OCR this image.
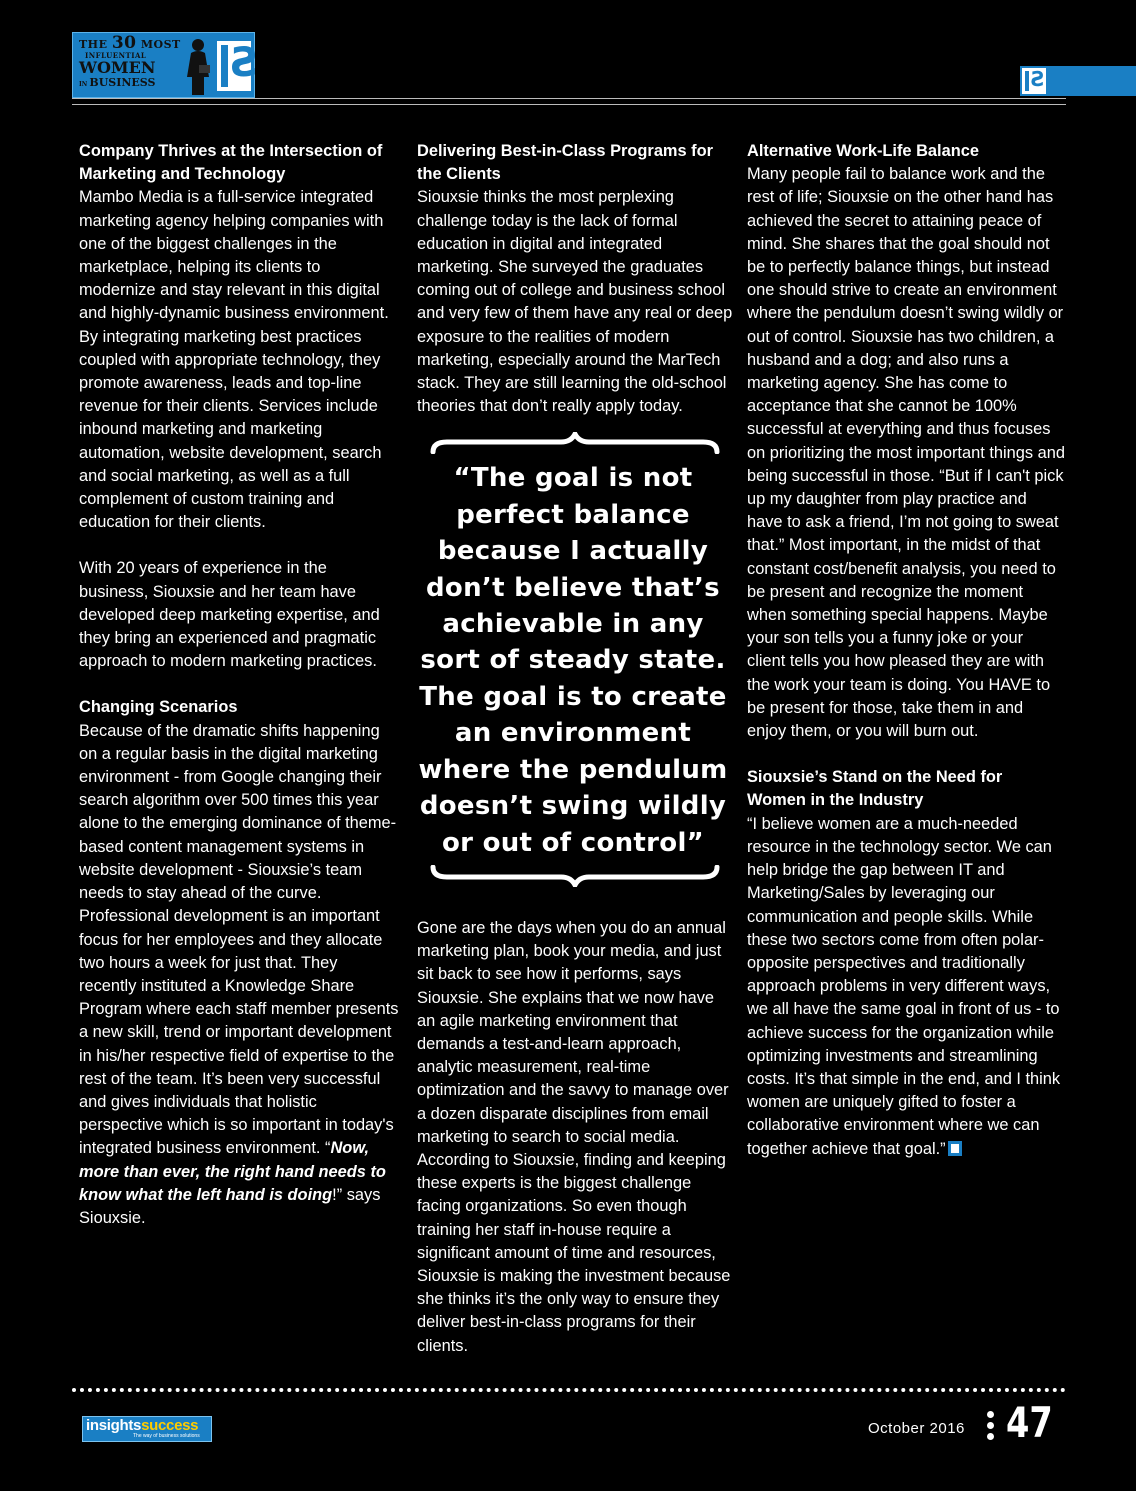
THE 30 MOST
INFLUENTIAL
WOMEN
IN BUSINESS	S	S
Company Thrives at the Intersection of Marketing and Technology

Mambo Media is a full-service integrated marketing agency helping companies with one of the biggest challenges in the marketplace, helping its clients to modernize and stay relevant in this digital and highly-dynamic business environment. By integrating marketing best practices coupled with appropriate technology, they promote awareness, leads and top-line revenue for their clients. Services include inbound marketing and marketing automation, website development, search and social marketing, as well as a full complement of custom training and education for their clients.

With 20 years of experience in the business, Siouxsie and her team have developed deep marketing expertise, and they bring an experienced and pragmatic approach to modern marketing practices.

Changing Scenarios

Because of the dramatic shifts happening on a regular basis in the digital marketing environment - from Google changing their search algorithm over 500 times this year alone to the emerging dominance of theme-based content management systems in website development - Siouxsie’s team needs to stay ahead of the curve. Professional development is an important focus for her employees and they allocate two hours a week for just that. They recently instituted a Knowledge Share Program where each staff member presents a new skill, trend or important development in his/her respective field of expertise to the rest of the team. It’s been very successful and gives individuals that holistic perspective which is so important in today's integrated business environment. “Now, more than ever, the right hand needs to know what the left hand is doing!” says Siouxsie.

Delivering Best-in-Class Programs for the Clients

Siouxsie thinks the most perplexing challenge today is the lack of formal education in digital and integrated marketing. She surveyed the graduates coming out of college and business school and very few of them have any real or deep exposure to the realities of modern marketing, especially around the MarTech stack. They are still learning the old-school theories that don’t really apply today.

“The goal is not perfect balance because I actually don’t believe that’s achievable in any sort of steady state. The goal is to create an environment where the pendulum doesn’t swing wildly or out of control”

Gone are the days when you do an annual marketing plan, book your media, and just sit back to see how it performs, says Siouxsie. She explains that we now have an agile marketing environment that demands a test-and-learn approach, analytic measurement, real-time optimization and the savvy to manage over a dozen disparate disciplines from email marketing to search to social media. According to Siouxsie, finding and keeping these experts is the biggest challenge facing organizations. So even though training her staff in-house require a significant amount of time and resources, Siouxsie is making the investment because she thinks it’s the only way to ensure they deliver best-in-class programs for their clients.

Alternative Work-Life Balance

Many people fail to balance work and the rest of life; Siouxsie on the other hand has achieved the secret to attaining peace of mind. She shares that the goal should not be to perfectly balance things, but instead one should strive to create an environment where the pendulum doesn’t swing wildly or out of control. Siouxsie has two children, a husband and a dog; and also runs a marketing agency. She has come to acceptance that she cannot be 100% successful at everything and thus focuses on prioritizing the most important things and being successful in those. “But if I can't pick up my daughter from play practice and have to ask a friend, I’m not going to sweat that.” Most important, in the midst of that constant cost/benefit analysis, you need to be present and recognize the moment when something special happens. Maybe your son tells you a funny joke or your client tells you how pleased they are with the work your team is doing. You HAVE to be present for those, take them in and enjoy them, or you will burn out.

Siouxsie’s Stand on the Need for Women in the Industry

“I believe women are a much-needed resource in the technology sector. We can help bridge the gap between IT and Marketing/Sales by leveraging our communication and people skills. While these two sectors come from often polar-opposite perspectives and traditionally approach problems in very different ways, we all have the same goal in front of us - to achieve success for the organization while optimizing investments and streamlining costs. It’s that simple in the end, and I think women are uniquely gifted to foster a collaborative environment where we can together achieve that goal.”

insightssuccess
The way of business solutions	October 2016 47
